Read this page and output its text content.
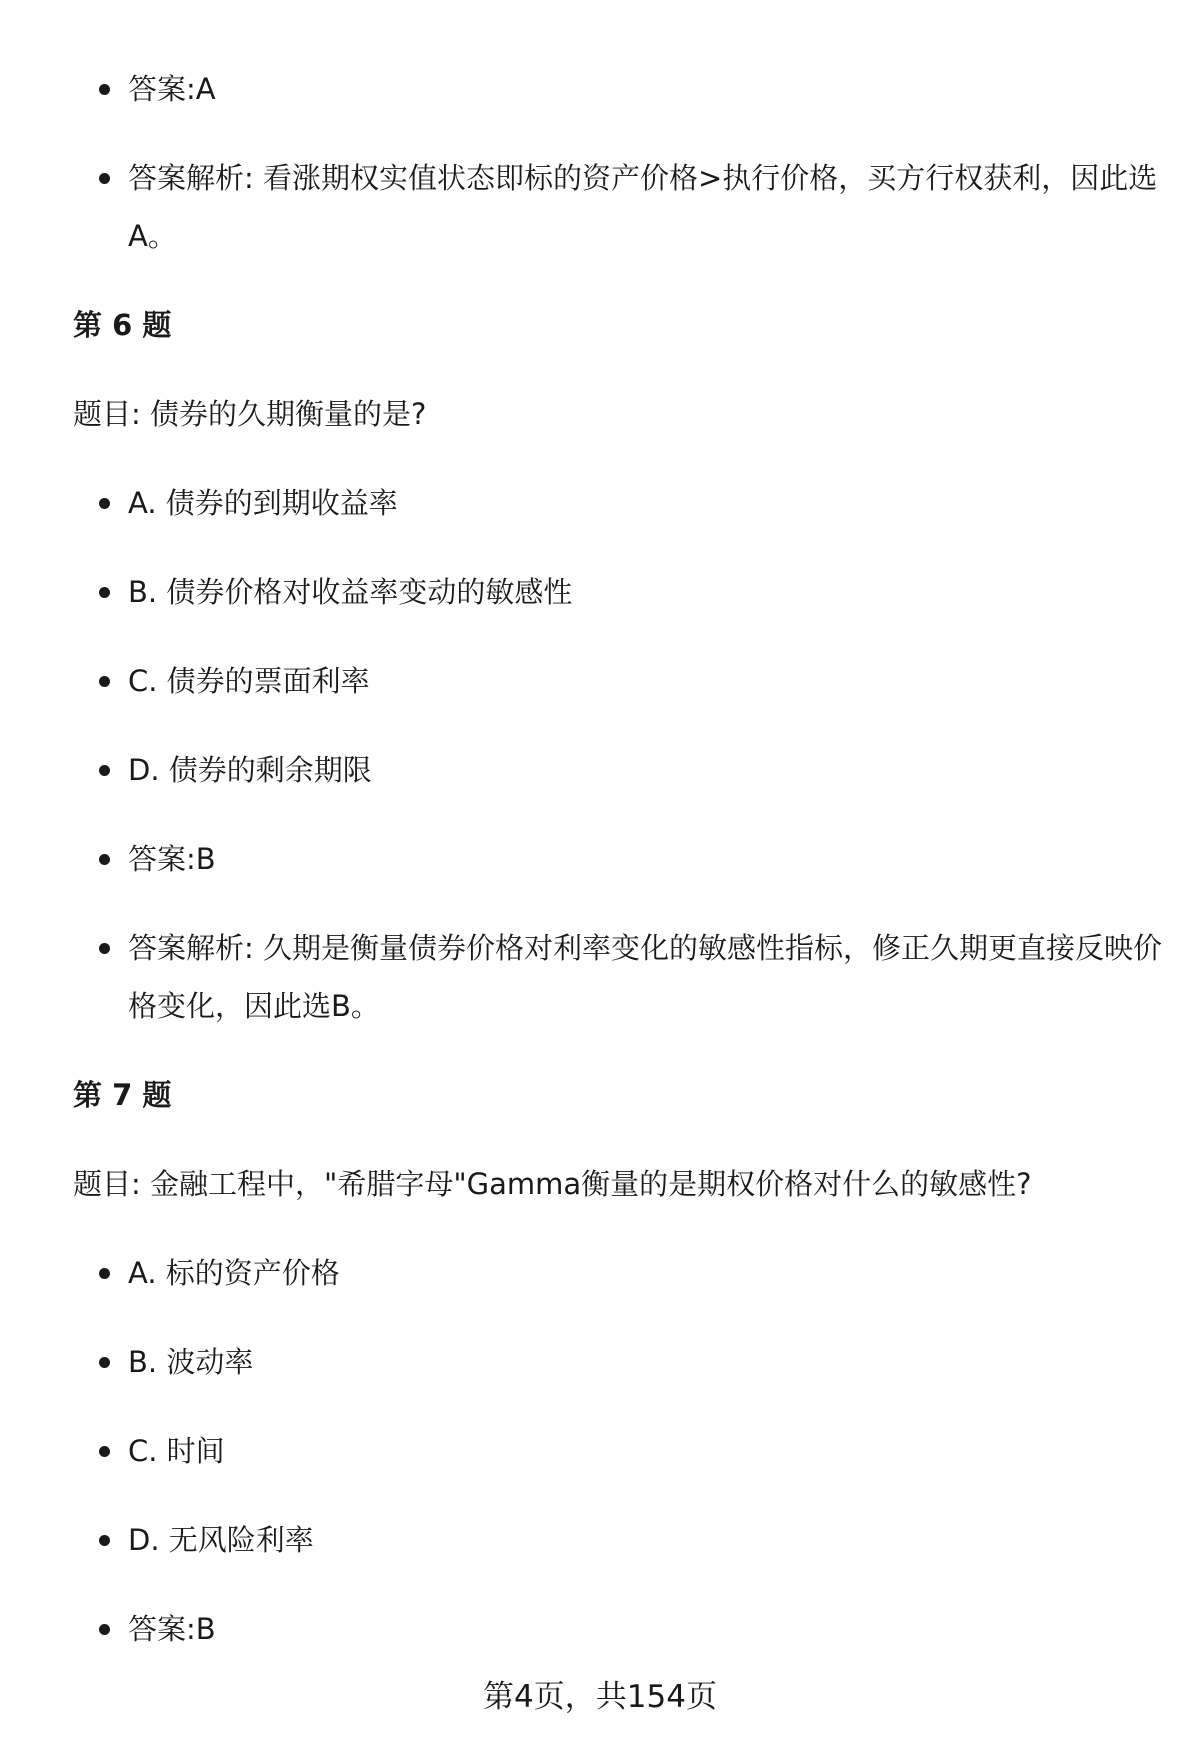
答案:A
答案解析: 看涨期权实值状态即标的资产价格>执行价格，买方行权获利，因此选A。
第 6 题
题目: 债券的久期衡量的是?
A. 债券的到期收益率
B. 债券价格对收益率变动的敏感性
C. 债券的票面利率
D. 债券的剩余期限
答案:B
答案解析: 久期是衡量债券价格对利率变化的敏感性指标，修正久期更直接反映价格变化，因此选B。
第 7 题
题目: 金融工程中，"希腊字母"Gamma衡量的是期权价格对什么的敏感性?
A. 标的资产价格
B. 波动率
C. 时间
D. 无风险利率
答案:B
第4页，共154页
